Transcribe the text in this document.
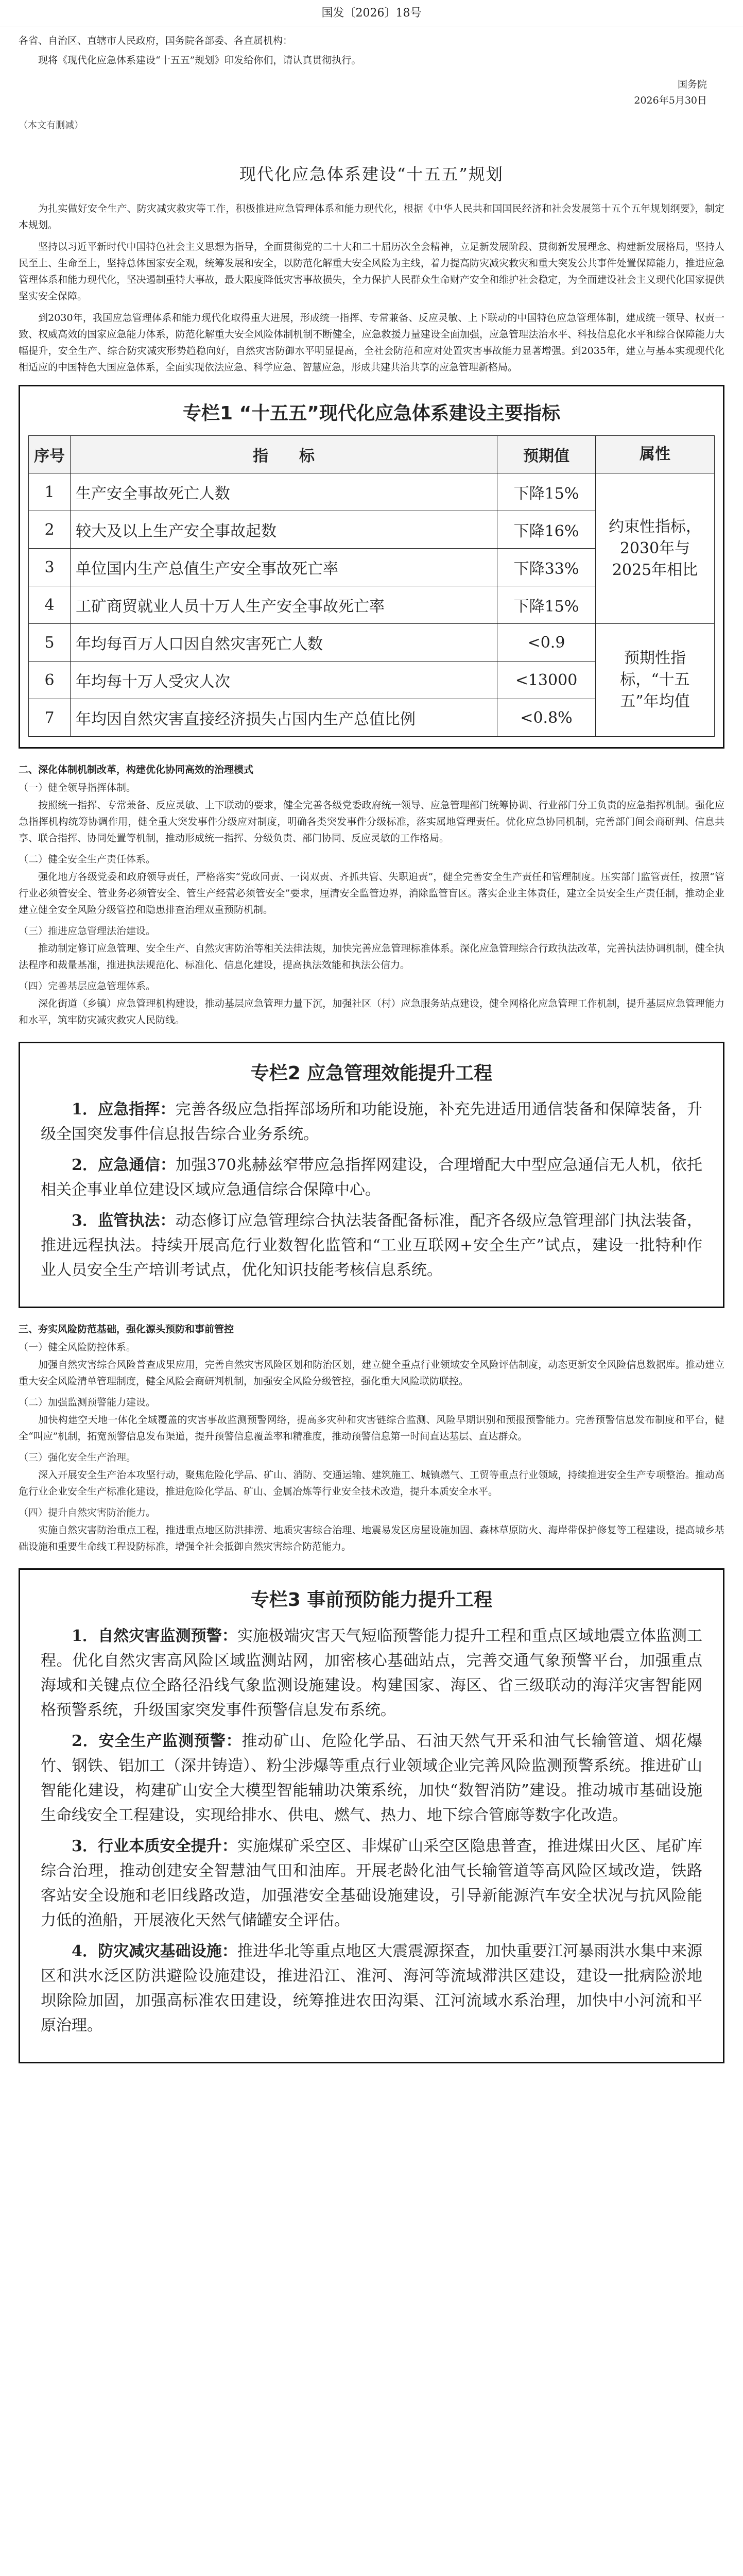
国发〔2026〕18号

各省、自治区、直辖市人民政府，国务院各部委、各直属机构：

现将《现代化应急体系建设“十五五”规划》印发给你们，请认真贯彻执行。

国务院
2026年5月30日
（本文有删减）
现代化应急体系建设“十五五”规划

为扎实做好安全生产、防灾减灾救灾等工作，积极推进应急管理体系和能力现代化，根据《中华人民共和国国民经济和社会发展第十五个五年规划纲要》，制定本规划。

坚持以习近平新时代中国特色社会主义思想为指导，全面贯彻党的二十大和二十届历次全会精神，立足新发展阶段、贯彻新发展理念、构建新发展格局，坚持人民至上、生命至上，坚持总体国家安全观，统筹发展和安全，以防范化解重大安全风险为主线，着力提高防灾减灾救灾和重大突发公共事件处置保障能力，推进应急管理体系和能力现代化，坚决遏制重特大事故，最大限度降低灾害事故损失，全力保护人民群众生命财产安全和维护社会稳定，为全面建设社会主义现代化国家提供坚实安全保障。

到2030年，我国应急管理体系和能力现代化取得重大进展，形成统一指挥、专常兼备、反应灵敏、上下联动的中国特色应急管理体制，建成统一领导、权责一致、权威高效的国家应急能力体系，防范化解重大安全风险体制机制不断健全，应急救援力量建设全面加强，应急管理法治水平、科技信息化水平和综合保障能力大幅提升，安全生产、综合防灾减灾形势趋稳向好，自然灾害防御水平明显提高，全社会防范和应对处置灾害事故能力显著增强。到2035年，建立与基本实现现代化相适应的中国特色大国应急体系，全面实现依法应急、科学应急、智慧应急，形成共建共治共享的应急管理新格局。

专栏1 “十五五”现代化应急体系建设主要指标
序号	指　　标	预期值	属性
1	生产安全事故死亡人数	下降15%	约束性指标，2030年与2025年相比
2	较大及以上生产安全事故起数	下降16%	
3	单位国内生产总值生产安全事故死亡率	下降33%	
4	工矿商贸就业人员十万人生产安全事故死亡率	下降15%	
5	年均每百万人口因自然灾害死亡人数	<0.9	预期性指标，“十五五”年均值
6	年均每十万人受灾人次	<13000	
7	年均因自然灾害直接经济损失占国内生产总值比例	<0.8%	
二、深化体制机制改革，构建优化协同高效的治理模式
（一）健全领导指挥体制。

按照统一指挥、专常兼备、反应灵敏、上下联动的要求，健全完善各级党委政府统一领导、应急管理部门统筹协调、行业部门分工负责的应急指挥机制。强化应急指挥机构统筹协调作用，健全重大突发事件分级应对制度，明确各类突发事件分级标准，落实属地管理责任。优化应急协同机制，完善部门间会商研判、信息共享、联合指挥、协同处置等机制，推动形成统一指挥、分级负责、部门协同、反应灵敏的工作格局。

（二）健全安全生产责任体系。

强化地方各级党委和政府领导责任，严格落实“党政同责、一岗双责、齐抓共管、失职追责”，健全完善安全生产责任和管理制度。压实部门监管责任，按照“管行业必须管安全、管业务必须管安全、管生产经营必须管安全”要求，厘清安全监管边界，消除监管盲区。落实企业主体责任，建立全员安全生产责任制，推动企业建立健全安全风险分级管控和隐患排查治理双重预防机制。

（三）推进应急管理法治建设。

推动制定修订应急管理、安全生产、自然灾害防治等相关法律法规，加快完善应急管理标准体系。深化应急管理综合行政执法改革，完善执法协调机制，健全执法程序和裁量基准，推进执法规范化、标准化、信息化建设，提高执法效能和执法公信力。

（四）完善基层应急管理体系。

深化街道（乡镇）应急管理机构建设，推动基层应急管理力量下沉，加强社区（村）应急服务站点建设，健全网格化应急管理工作机制，提升基层应急管理能力和水平，筑牢防灾减灾救灾人民防线。

专栏2 应急管理效能提升工程

1．应急指挥：完善各级应急指挥部场所和功能设施，补充先进适用通信装备和保障装备，升级全国突发事件信息报告综合业务系统。

2．应急通信：加强370兆赫兹窄带应急指挥网建设，合理增配大中型应急通信无人机，依托相关企事业单位建设区域应急通信综合保障中心。

3．监管执法：动态修订应急管理综合执法装备配备标准，配齐各级应急管理部门执法装备，推进远程执法。持续开展高危行业数智化监管和“工业互联网+安全生产”试点，建设一批特种作业人员安全生产培训考试点，优化知识技能考核信息系统。

三、夯实风险防范基础，强化源头预防和事前管控
（一）健全风险防控体系。

加强自然灾害综合风险普查成果应用，完善自然灾害风险区划和防治区划，建立健全重点行业领域安全风险评估制度，动态更新安全风险信息数据库。推动建立重大安全风险清单管理制度，健全风险会商研判机制，加强安全风险分级管控，强化重大风险联防联控。

（二）加强监测预警能力建设。

加快构建空天地一体化全域覆盖的灾害事故监测预警网络，提高多灾种和灾害链综合监测、风险早期识别和预报预警能力。完善预警信息发布制度和平台，健全“叫应”机制，拓宽预警信息发布渠道，提升预警信息覆盖率和精准度，推动预警信息第一时间直达基层、直达群众。

（三）强化安全生产治理。

深入开展安全生产治本攻坚行动，聚焦危险化学品、矿山、消防、交通运输、建筑施工、城镇燃气、工贸等重点行业领域，持续推进安全生产专项整治。推动高危行业企业安全生产标准化建设，推进危险化学品、矿山、金属冶炼等行业安全技术改造，提升本质安全水平。

（四）提升自然灾害防治能力。

实施自然灾害防治重点工程，推进重点地区防洪排涝、地质灾害综合治理、地震易发区房屋设施加固、森林草原防火、海岸带保护修复等工程建设，提高城乡基础设施和重要生命线工程设防标准，增强全社会抵御自然灾害综合防范能力。

专栏3 事前预防能力提升工程

1．自然灾害监测预警：实施极端灾害天气短临预警能力提升工程和重点区域地震立体监测工程。优化自然灾害高风险区域监测站网，加密核心基础站点，完善交通气象预警平台，加强重点海域和关键点位全路径沿线气象监测设施建设。构建国家、海区、省三级联动的海洋灾害智能网格预警系统，升级国家突发事件预警信息发布系统。

2．安全生产监测预警：推动矿山、危险化学品、石油天然气开采和油气长输管道、烟花爆竹、钢铁、铝加工（深井铸造）、粉尘涉爆等重点行业领域企业完善风险监测预警系统。推进矿山智能化建设，构建矿山安全大模型智能辅助决策系统，加快“数智消防”建设。推动城市基础设施生命线安全工程建设，实现给排水、供电、燃气、热力、地下综合管廊等数字化改造。

3．行业本质安全提升：实施煤矿采空区、非煤矿山采空区隐患普查，推进煤田火区、尾矿库综合治理，推动创建安全智慧油气田和油库。开展老龄化油气长输管道等高风险区域改造，铁路客站安全设施和老旧线路改造，加强港安全基础设施建设，引导新能源汽车安全状况与抗风险能力低的渔船，开展液化天然气储罐安全评估。

4．防灾减灾基础设施：推进华北等重点地区大震震源探查，加快重要江河暴雨洪水集中来源区和洪水泛区防洪避险设施建设，推进沿江、淮河、海河等流域滞洪区建设，建设一批病险淤地坝除险加固，加强高标准农田建设，统筹推进农田沟渠、江河流域水系治理，加快中小河流和平原治理。
